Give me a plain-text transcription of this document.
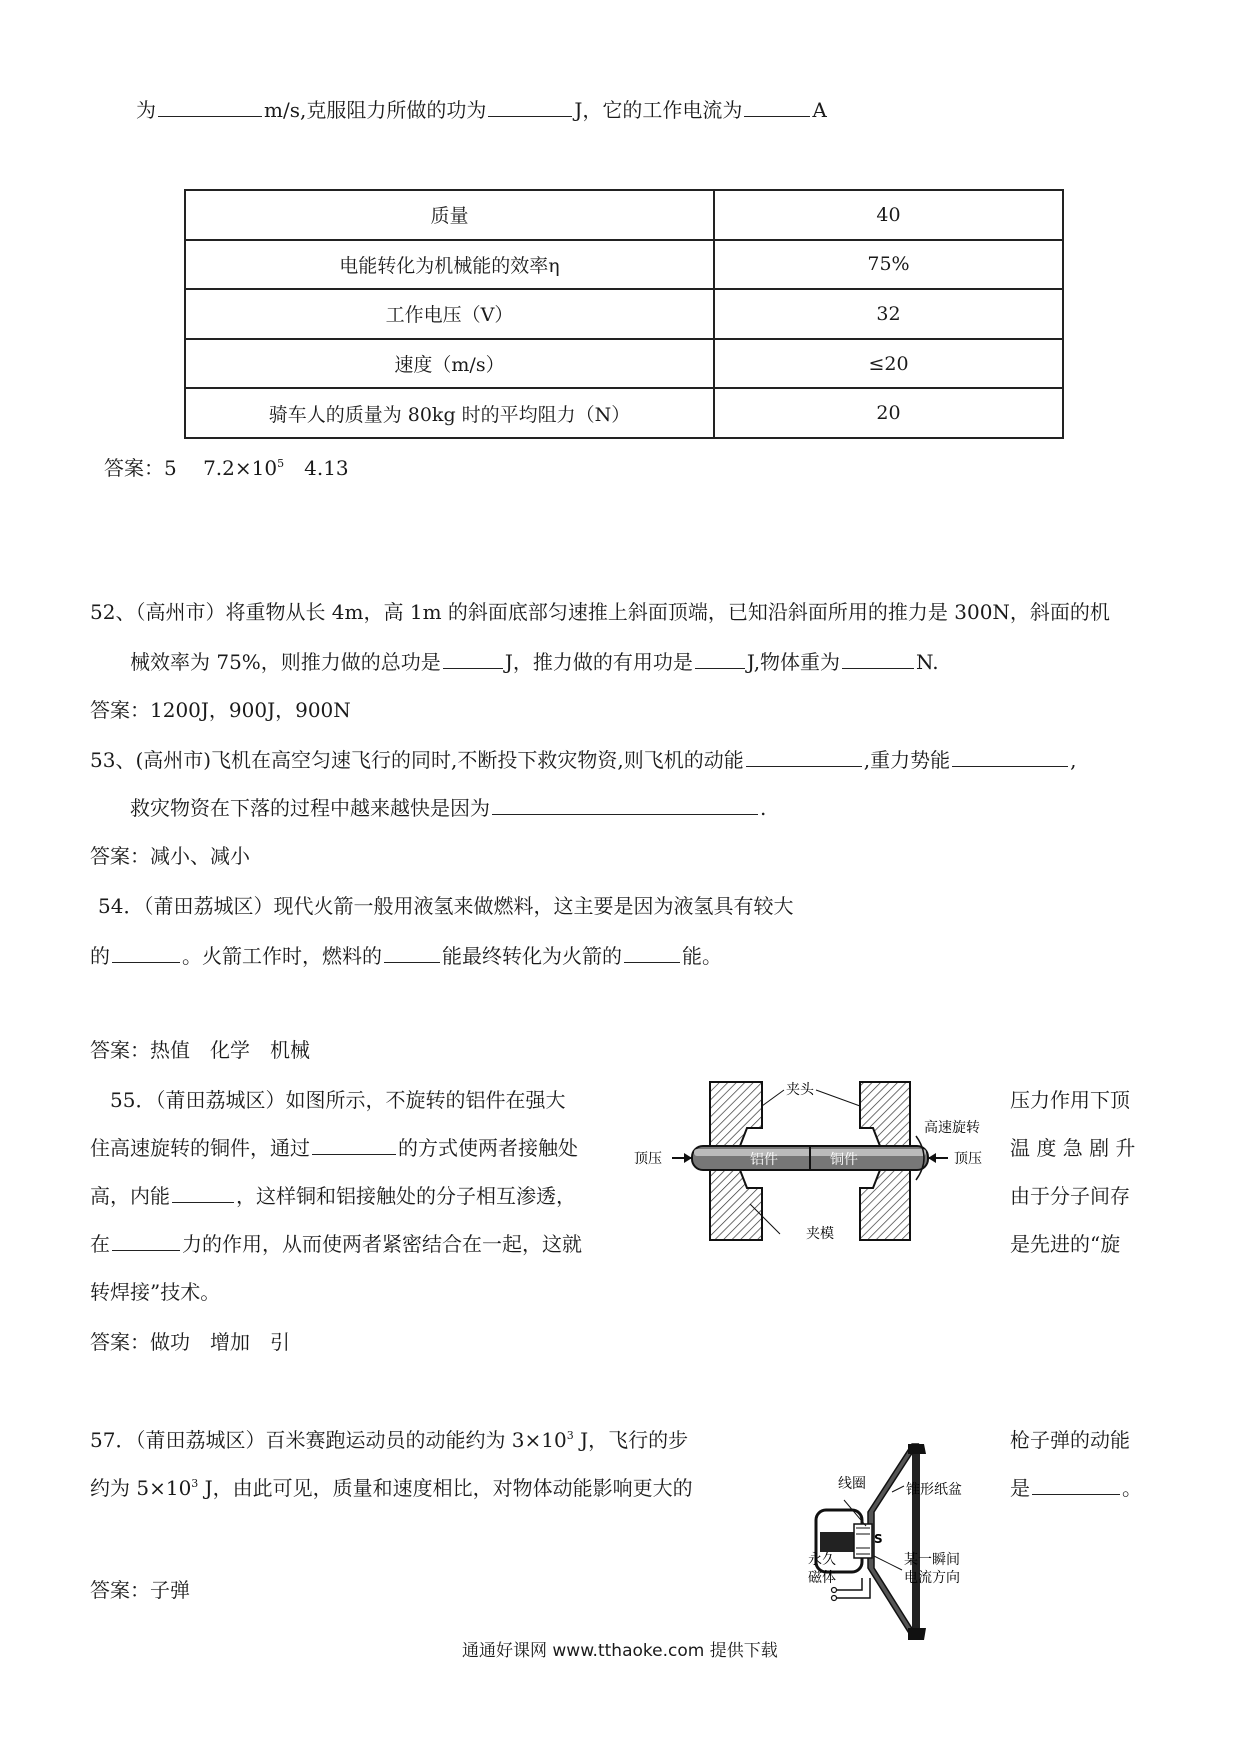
为	m/s,克服阻力所做的功为	J，它的工作电流为	A
质量	40
电能转化为机械能的效率η	75%
工作电压（V）	32
速度（m/s）	≤20
骑车人的质量为 80kg 时的平均阻力（N）	20
答案：5　 $7.2\times 10^5$　4.13
52、（高州市）将重物从长 4m，高 1m 的斜面底部匀速推上斜面顶端，已知沿斜面所用的推力是 300N，斜面的机
械效率为 75%，则推力做的总功是	J，推力做的有用功是	J,物体重为	N.
答案：1200J，900J，900N
53、(高州市)飞机在高空匀速飞行的同时,不断投下救灾物资,则飞机的动能	,重力势能	,
救灾物资在下落的过程中越来越快是因为	.
答案：减小、减小
54．（莆田荔城区）现代火箭一般用液氢来做燃料，这主要是因为液氢具有较大
的	。火箭工作时，燃料的	能最终转化为火箭的	能。
答案：热值　化学　机械
55．（莆田荔城区）如图所示，不旋转的铝件在强大
住高速旋转的铜件，通过	的方式使两者接触处
高，内能	，这样铜和铝接触处的分子相互渗透，
在	力的作用，从而使两者紧密结合在一起，这就
转焊接”技术。
压力作用下顶
温 度 急 剧 升
由于分子间存
是先进的“旋
夹头
夹模
高速旋转
顶压	顶压
铝件	铜件
答案：做功　增加　引
57．（莆田荔城区）百米赛跑运动员的动能约为 $3\times 10^3$ J，飞行的步
约为 $5\times 10^3$ J，由此可见，质量和速度相比，对物体动能影响更大的
枪子弹的动能
是	。
线圈	锥形纸盆
S
永久
磁体
某一瞬间
电流方向
答案：子弹
通通好课网 www.tthaoke.com 提供下载
